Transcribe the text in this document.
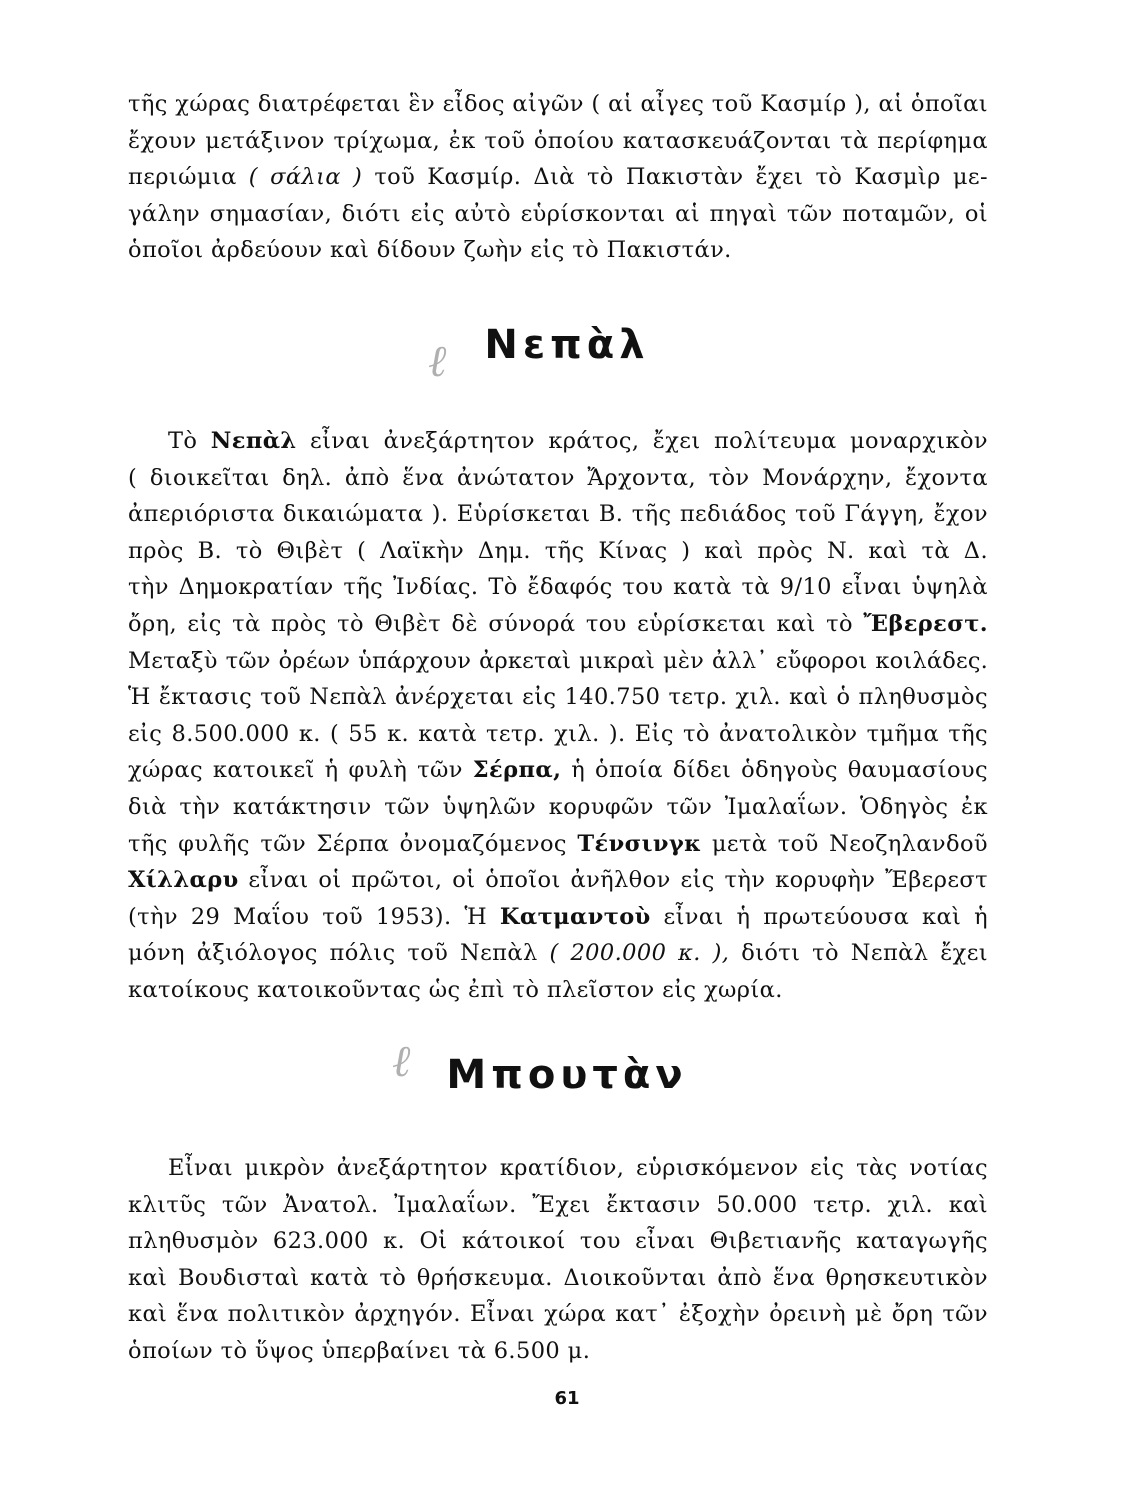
τῆς χώρας διατρέφεται ἓν εἶδος αἰγῶν ( αἱ αἶγες τοῦ Κασμίρ ), αἱ ὁποῖαι
ἔχουν μετάξινον τρίχωμα, ἐκ τοῦ ὁποίου κατασκευάζονται τὰ περίφημα
περιώμια ( σάλια ) τοῦ Κασμίρ. Διὰ τὸ Πακιστὰν ἔχει τὸ Κασμὶρ με-
γάλην σημασίαν, διότι εἰς αὐτὸ εὑρίσκονται αἱ πηγαὶ τῶν ποταμῶν, οἱ
ὁποῖοι ἀρδεύουν καὶ δίδουν ζωὴν εἰς τὸ Πακιστάν.
ℓ Νεπὰλ
Τὸ Νεπὰλ εἶναι ἀνεξάρτητον κράτος, ἔχει πολίτευμα μοναρχικὸν
( διοικεῖται δηλ. ἀπὸ ἕνα ἀνώτατον Ἄρχοντα, τὸν Μονάρχην, ἔχοντα
ἀπεριόριστα δικαιώματα ). Εὑρίσκεται Β. τῆς πεδιάδος τοῦ Γάγγη, ἔχον
πρὸς Β. τὸ Θιβὲτ ( Λαϊκὴν Δημ. τῆς Κίνας ) καὶ πρὸς Ν. καὶ τὰ Δ.
τὴν Δημοκρατίαν τῆς Ἰνδίας. Τὸ ἔδαφός του κατὰ τὰ 9/10 εἶναι ὑψηλὰ
ὄρη, εἰς τὰ πρὸς τὸ Θιβὲτ δὲ σύνορά του εὑρίσκεται καὶ τὸ Ἔβερεστ.
Μεταξὺ τῶν ὀρέων ὑπάρχουν ἀρκεταὶ μικραὶ μὲν ἀλλ᾽ εὔφοροι κοιλάδες.
Ἡ ἔκτασις τοῦ Νεπὰλ ἀνέρχεται εἰς 140.750 τετρ. χιλ. καὶ ὁ πληθυσμὸς
εἰς 8.500.000 κ. ( 55 κ. κατὰ τετρ. χιλ. ). Εἰς τὸ ἀνατολικὸν τμῆμα τῆς
χώρας κατοικεῖ ἡ φυλὴ τῶν Σέρπα, ἡ ὁποία δίδει ὁδηγοὺς θαυμασίους
διὰ τὴν κατάκτησιν τῶν ὑψηλῶν κορυφῶν τῶν Ἰμαλαΐων. Ὁδηγὸς ἐκ
τῆς φυλῆς τῶν Σέρπα ὀνομαζόμενος Τένσινγκ μετὰ τοῦ Νεοζηλανδοῦ
Χίλλαρυ εἶναι οἱ πρῶτοι, οἱ ὁποῖοι ἀνῆλθον εἰς τὴν κορυφὴν Ἔβερεστ
(τὴν 29 Μαΐου τοῦ 1953). Ἡ Κατμαντοὺ εἶναι ἡ πρωτεύουσα καὶ ἡ
μόνη ἀξιόλογος πόλις τοῦ Νεπὰλ ( 200.000 κ. ), διότι τὸ Νεπὰλ ἔχει
κατοίκους κατοικοῦντας ὡς ἐπὶ τὸ πλεῖστον εἰς χωρία.
ℓ Μπουτὰν
Εἶναι μικρὸν ἀνεξάρτητον κρατίδιον, εὑρισκόμενον εἰς τὰς νοτίας
κλιτῦς τῶν Ἀνατολ. Ἰμαλαΐων. Ἔχει ἔκτασιν 50.000 τετρ. χιλ. καὶ
πληθυσμὸν 623.000 κ. Οἱ κάτοικοί του εἶναι Θιβετιανῆς καταγωγῆς
καὶ Βουδισταὶ κατὰ τὸ θρήσκευμα. Διοικοῦνται ἀπὸ ἕνα θρησκευτικὸν
καὶ ἕνα πολιτικὸν ἀρχηγόν. Εἶναι χώρα κατ᾽ ἐξοχὴν ὀρεινὴ μὲ ὄρη τῶν
ὁποίων τὸ ὕψος ὑπερβαίνει τὰ 6.500 μ.
61
